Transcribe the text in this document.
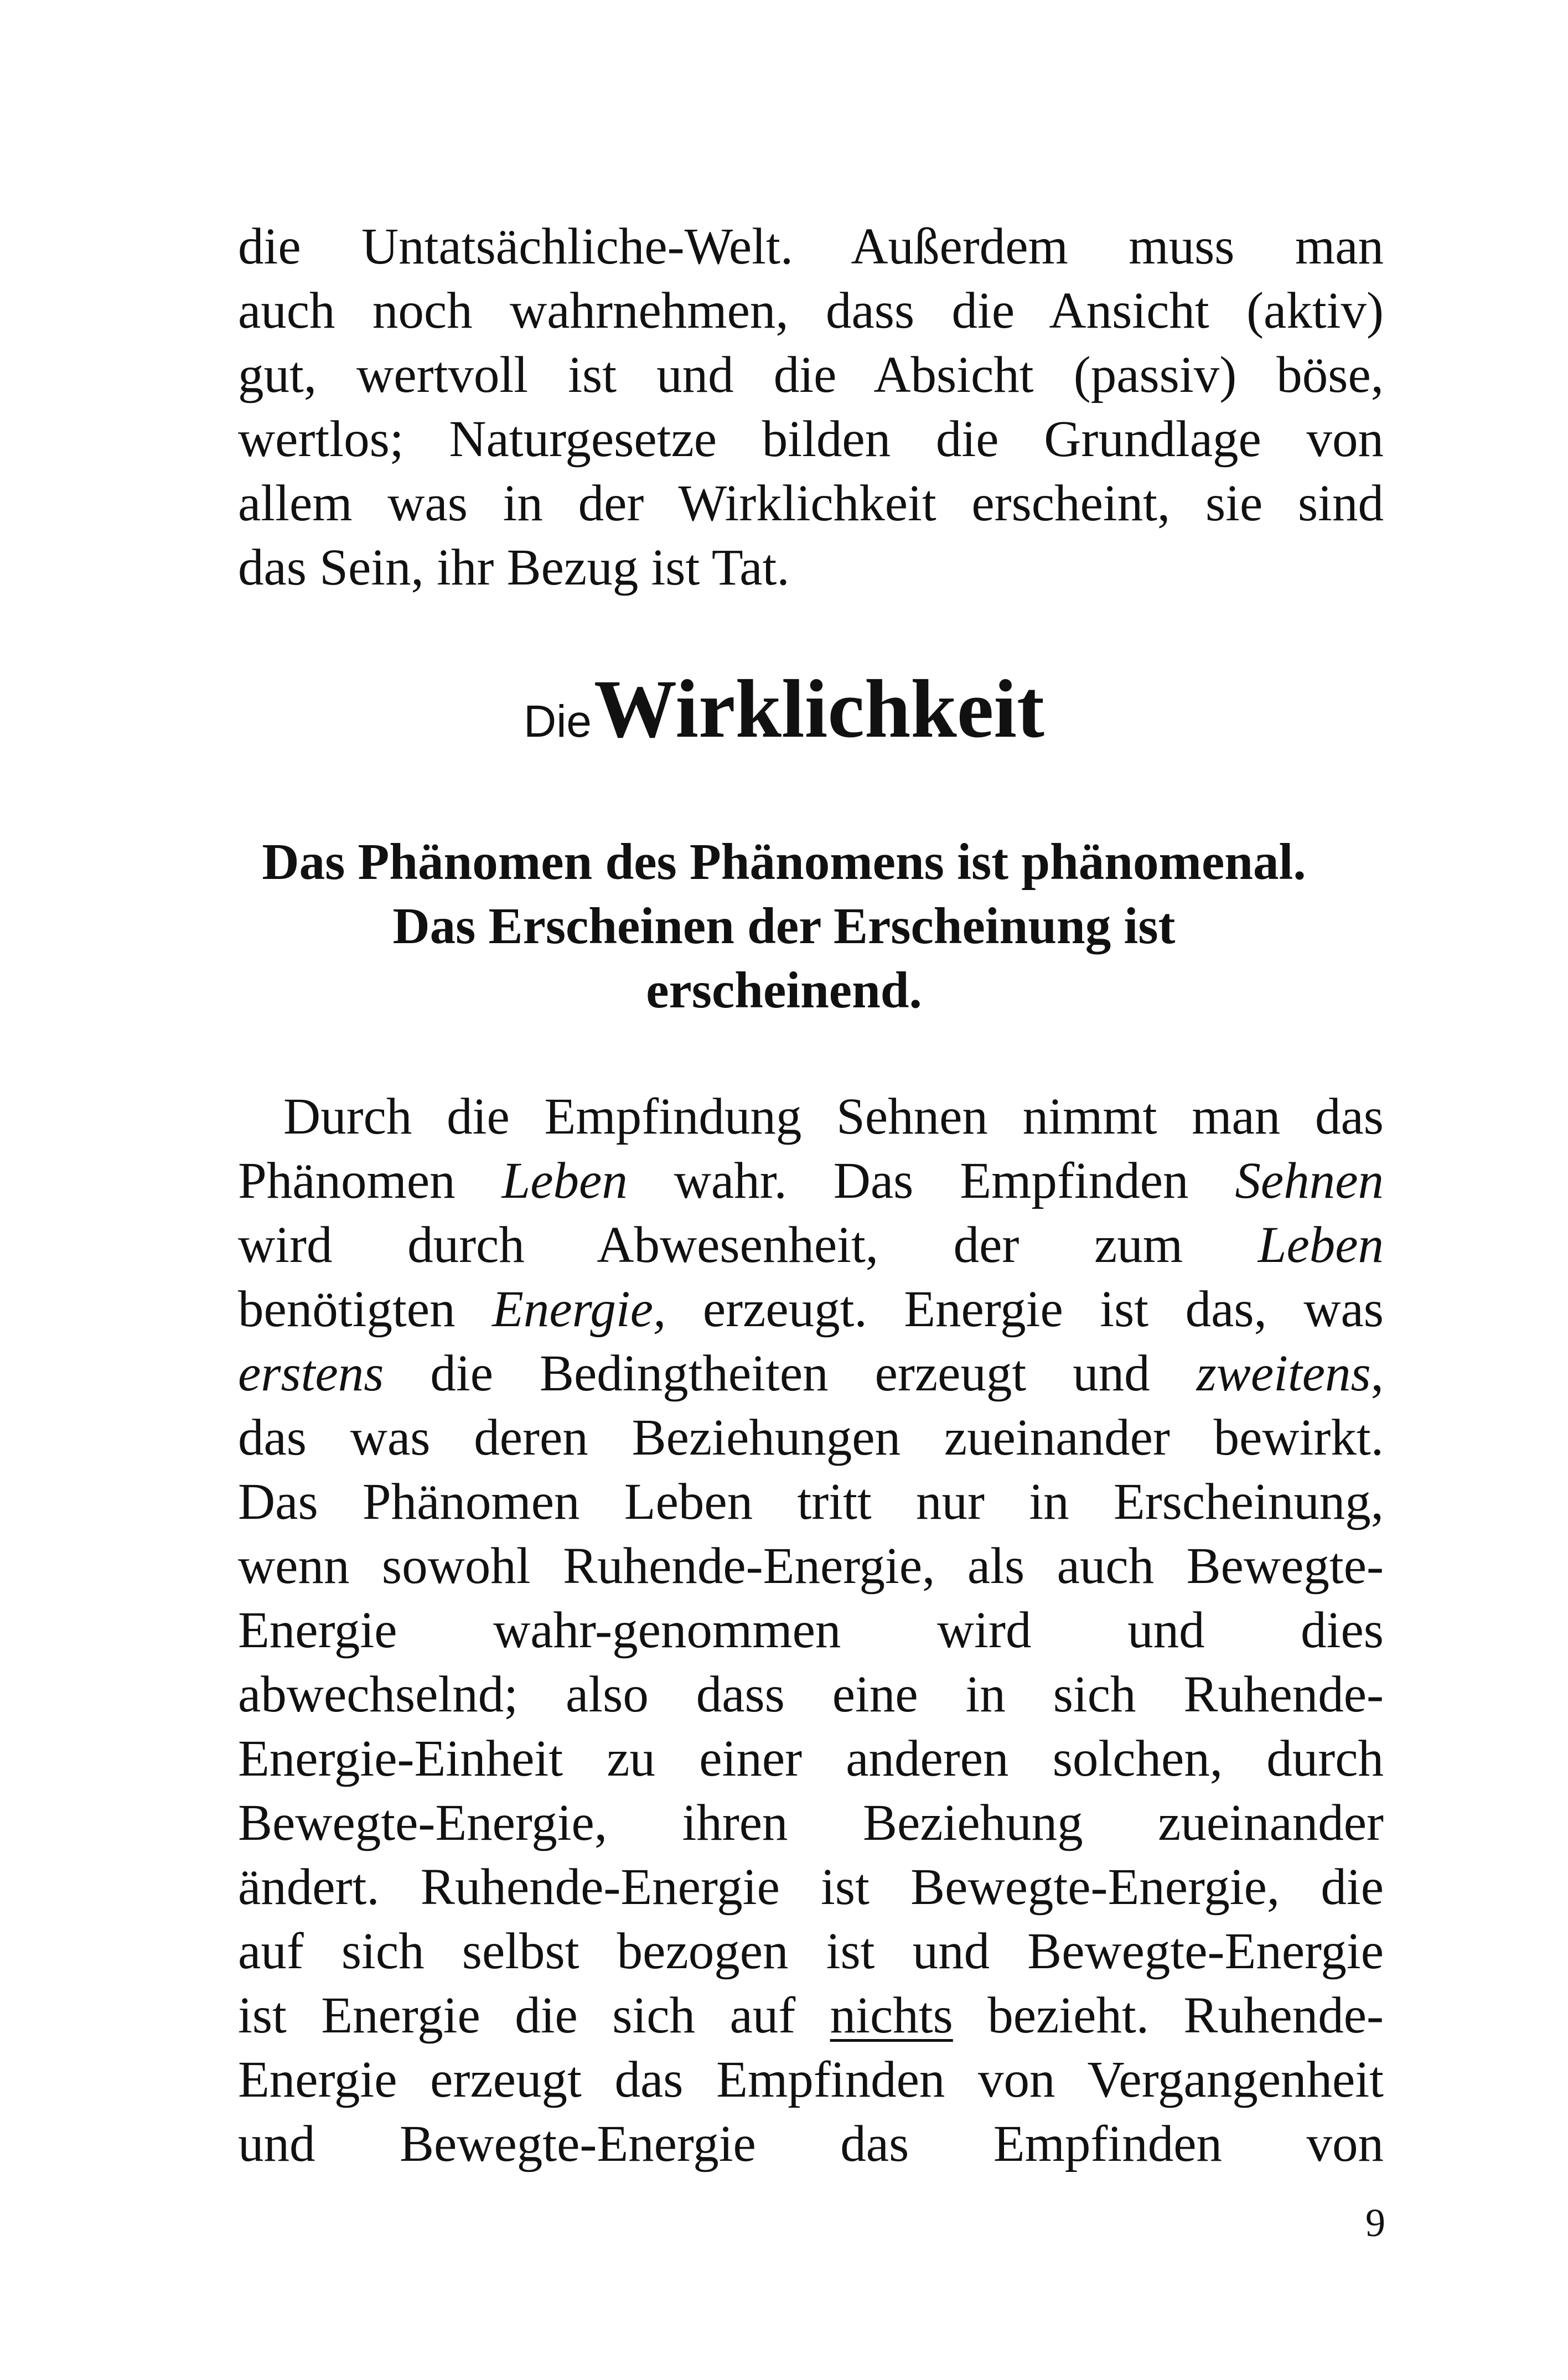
die Untatsächliche-Welt. Außerdem muss man
auch noch wahrnehmen, dass die Ansicht (aktiv)
gut, wertvoll ist und die Absicht (passiv) böse,
wertlos; Naturgesetze bilden die Grundlage von
allem was in der Wirklichkeit erscheint, sie sind
das Sein, ihr Bezug ist Tat.
Die Wirklichkeit
Das Phänomen des Phänomens ist phänomenal.
Das Erscheinen der Erscheinung ist
erscheinend.
Durch die Empfindung Sehnen nimmt man das
Phänomen Leben wahr. Das Empfinden Sehnen
wird durch Abwesenheit, der zum Leben
benötigten Energie, erzeugt. Energie ist das, was
erstens die Bedingtheiten erzeugt und zweitens,
das was deren Beziehungen zueinander bewirkt.
Das Phänomen Leben tritt nur in Erscheinung,
wenn sowohl Ruhende-Energie, als auch Bewegte-
Energie wahr-genommen wird und dies
abwechselnd; also dass eine in sich Ruhende-
Energie-Einheit zu einer anderen solchen, durch
Bewegte-Energie, ihren Beziehung zueinander
ändert. Ruhende-Energie ist Bewegte-Energie, die
auf sich selbst bezogen ist und Bewegte-Energie
ist Energie die sich auf nichts bezieht. Ruhende-
Energie erzeugt das Empfinden von Vergangenheit
und Bewegte-Energie das Empfinden von
9
